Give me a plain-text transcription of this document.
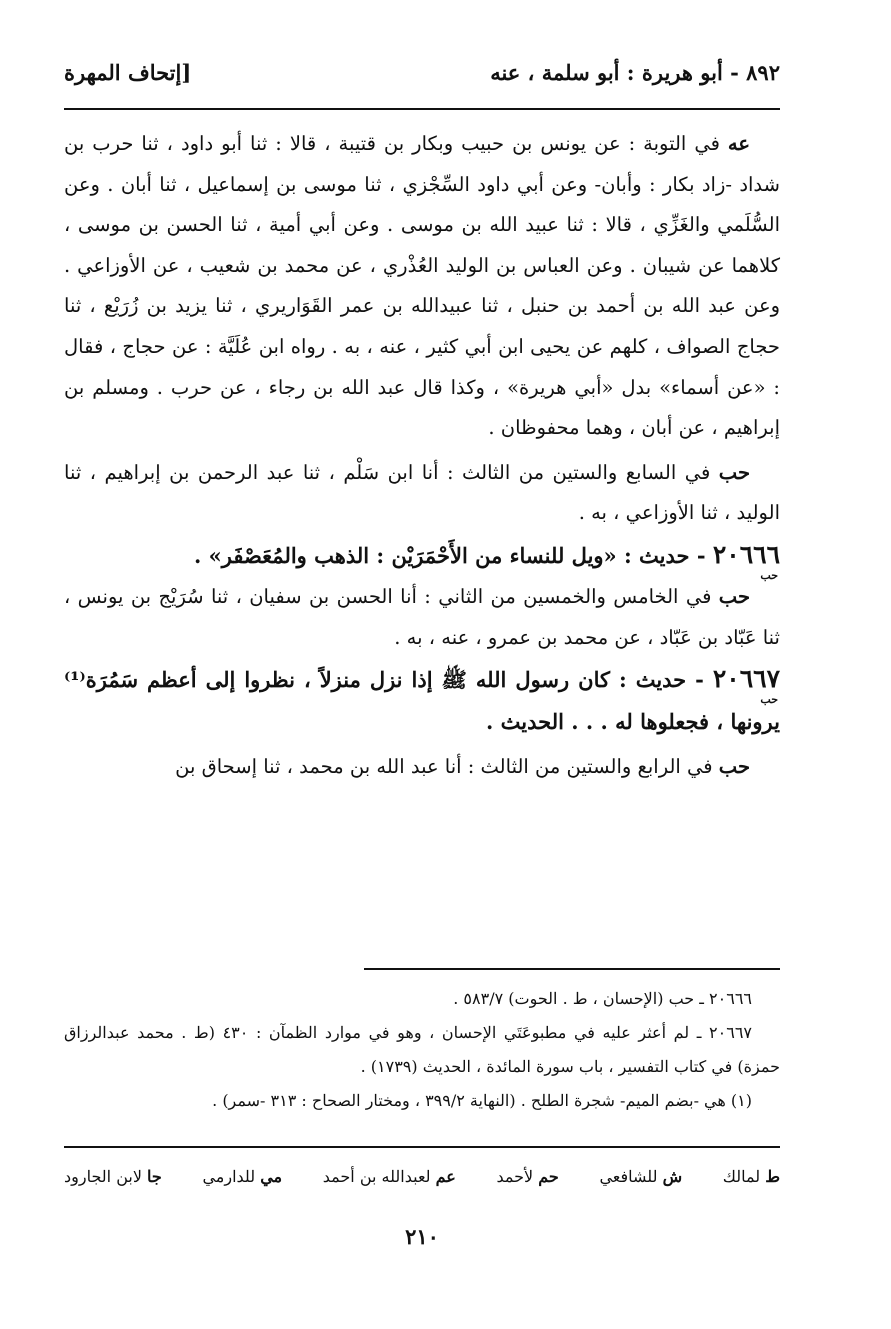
٨٩٢ - أبو هريرة : أبو سلمة ، عنه
[إتحاف المهرة

عه في التوبة : عن يونس بن حبيب وبكار بن قتيبة ، قالا : ثنا أبو داود ، ثنا حرب بن شداد -زاد بكار : وأبان- وعن أبي داود السِّجْزي ، ثنا موسى بن إسماعيل ، ثنا أبان . وعن السُّلَمي والغَزِّي ، قالا : ثنا عبيد الله بن موسى . وعن أبي أمية ، ثنا الحسن بن موسى ، كلاهما عن شيبان . وعن العباس بن الوليد العُذْري ، عن محمد بن شعيب ، عن الأوزاعي . وعن عبد الله بن أحمد بن حنبل ، ثنا عبيدالله بن عمر القَوَاريري ، ثنا يزيد بن زُرَيْع ، ثنا حجاج الصواف ، كلهم عن يحيى ابن أبي كثير ، عنه ، به . رواه ابن عُلَيَّة : عن حجاج ، فقال : «عن أسماء» بدل «أبي هريرة» ، وكذا قال عبد الله بن رجاء ، عن حرب . ومسلم بن إبراهيم ، عن أبان ، وهما محفوظان .

حب في السابع والستين من الثالث : أنا ابن سَلْم ، ثنا عبد الرحمن بن إبراهيم ، ثنا الوليد ، ثنا الأوزاعي ، به .

٢٠٦٦٦ - حديث : «ويل للنساء من الأَحْمَرَيْن : الذهب والمُعَصْفَر» .
حب

حب في الخامس والخمسين من الثاني : أنا الحسن بن سفيان ، ثنا سُرَيْج بن يونس ، ثنا عَبّاد بن عَبّاد ، عن محمد بن عمرو ، عنه ، به .

٢٠٦٦٧ - حديث : كان رسول الله ﷺ إذا نزل منزلاً ، نظروا إلى أعظم سَمُرَة⁽¹⁾ يرونها ، فجعلوها له . . . الحديث .
حب

حب في الرابع والستين من الثالث : أنا عبد الله بن محمد ، ثنا إسحاق بن

٢٠٦٦٦ ـ حب (الإحسان ، ط . الحوت) ٥٨٣/٧ .

٢٠٦٦٧ ـ لم أعثر عليه في مطبوعَتَي الإحسان ، وهو في موارد الظمآن : ٤٣٠ (ط . محمد عبدالرزاق حمزة) في كتاب التفسير ، باب سورة المائدة ، الحديث (١٧٣٩) .

(١) هي -بضم الميم- شجرة الطلح . (النهاية ٣٩٩/٢ ، ومختار الصحاح : ٣١٣ -سمر) .

ط لمالك
ش للشافعي
حم لأحمد
عم لعبدالله بن أحمد
مي للدارمي
جا لابن الجارود
٢١٠
